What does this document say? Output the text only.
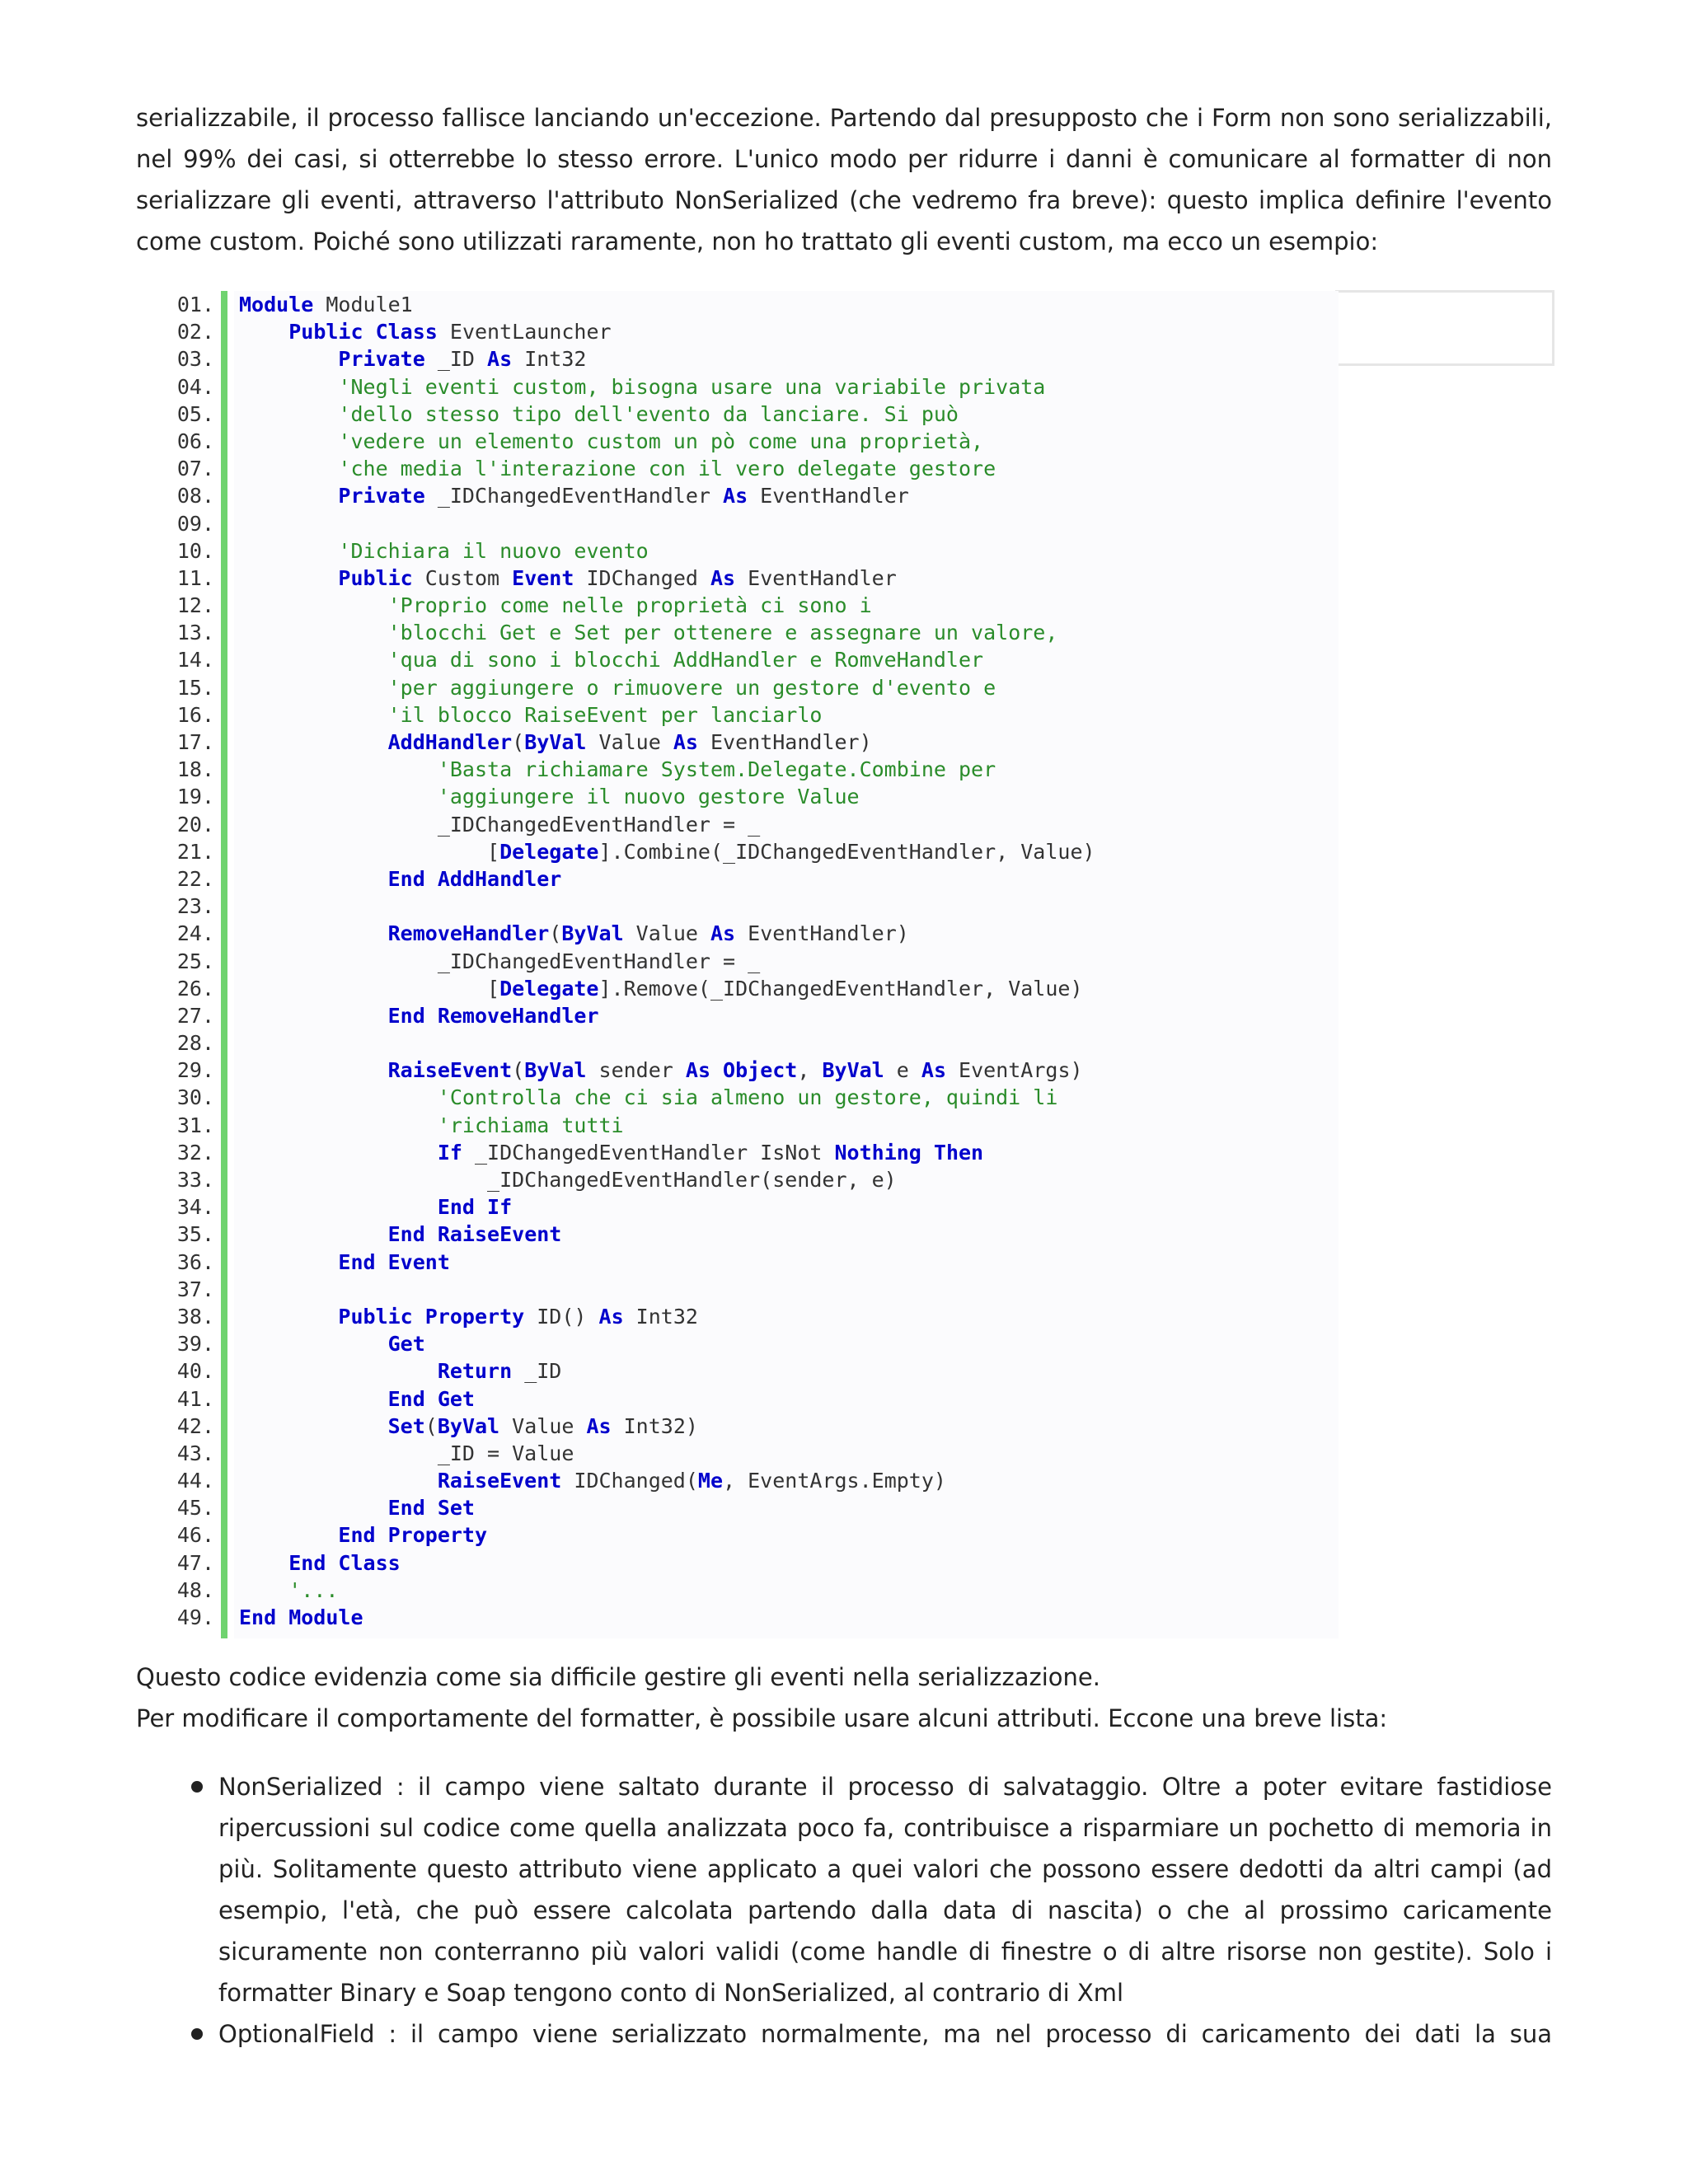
serializzabile, il processo fallisce lanciando un'eccezione. Partendo dal presupposto che i Form non sono serializzabili,
nel 99% dei casi, si otterrebbe lo stesso errore. L'unico modo per ridurre i danni è comunicare al formatter di non
serializzare gli eventi, attraverso l'attributo NonSerialized (che vedremo fra breve): questo implica definire l'evento
come custom. Poiché sono utilizzati raramente, non ho trattato gli eventi custom, ma ecco un esempio:
01. Module Module1
02.	Public Class EventLauncher
03.	Private _ID As Int32
04.	'Negli eventi custom, bisogna usare una variabile privata
05.	'dello stesso tipo dell'evento da lanciare. Si può
06.	'vedere un elemento custom un pò come una proprietà,
07.	'che media l'interazione con il vero delegate gestore
08.	Private _IDChangedEventHandler As EventHandler
09.
10.	'Dichiara il nuovo evento
11.	Public Custom Event IDChanged As EventHandler
12.	'Proprio come nelle proprietà ci sono i
13.	'blocchi Get e Set per ottenere e assegnare un valore,
14.	'qua di sono i blocchi AddHandler e RomveHandler
15.	'per aggiungere o rimuovere un gestore d'evento e
16.	'il blocco RaiseEvent per lanciarlo
17.	AddHandler(ByVal Value As EventHandler)
18.	'Basta richiamare System.Delegate.Combine per
19.	'aggiungere il nuovo gestore Value
20. _IDChangedEventHandler = _
21. [Delegate].Combine(_IDChangedEventHandler, Value)
22.	End AddHandler
23.
24.	RemoveHandler(ByVal Value As EventHandler)
25. _IDChangedEventHandler = _
26. [Delegate].Remove(_IDChangedEventHandler, Value)
27.	End RemoveHandler
28.
29.	RaiseEvent(ByVal sender As Object, ByVal e As EventArgs)
30.	'Controlla che ci sia almeno un gestore, quindi li
31.	'richiama tutti
32.	If _IDChangedEventHandler IsNot Nothing Then
33. _IDChangedEventHandler(sender, e)
34.	End If
35.	End RaiseEvent
36.	End Event
37.
38.	Public Property ID() As Int32
39.	Get
40.	Return _ID
41.	End Get
42.	Set(ByVal Value As Int32)
43. _ID = Value
44.	RaiseEvent IDChanged(Me, EventArgs.Empty)
45.	End Set
46.	End Property
47.	End Class
48.	'...
49. End Module
Questo codice evidenzia come sia difficile gestire gli eventi nella serializzazione.
Per modificare il comportamente del formatter, è possibile usare alcuni attributi. Eccone una breve lista:
NonSerialized : il campo viene saltato durante il processo di salvataggio. Oltre a poter evitare fastidiose
ripercussioni sul codice come quella analizzata poco fa, contribuisce a risparmiare un pochetto di memoria in
più. Solitamente questo attributo viene applicato a quei valori che possono essere dedotti da altri campi (ad
esempio, l'età, che può essere calcolata partendo dalla data di nascita) o che al prossimo caricamente
sicuramente non conterranno più valori validi (come handle di finestre o di altre risorse non gestite). Solo i
formatter Binary e Soap tengono conto di NonSerialized, al contrario di Xml
OptionalField : il campo viene serializzato normalmente, ma nel processo di caricamento dei dati la sua
